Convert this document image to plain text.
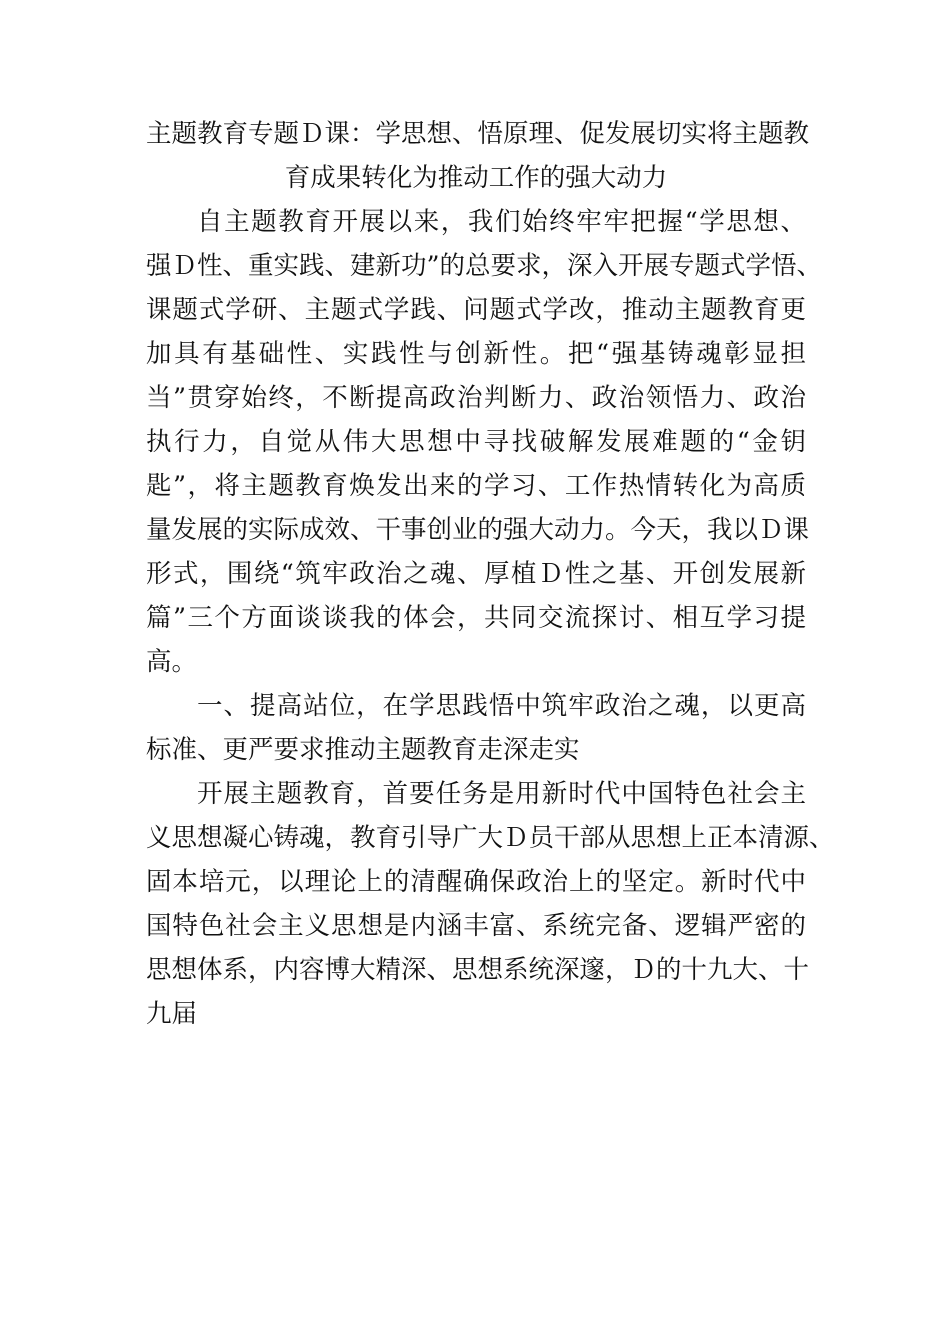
主题教育专题Ｄ课：学思想、悟原理、促发展切实将主题教
育成果转化为推动工作的强大动力
自主题教育开展以来，我们始终牢牢把握“学思想、
强Ｄ性、重实践、建新功”的总要求，深入开展专题式学悟、
课题式学研、主题式学践、问题式学改，推动主题教育更
加具有基础性、实践性与创新性。把“强基铸魂彰显担
当”贯穿始终，不断提高政治判断力、政治领悟力、政治
执行力，自觉从伟大思想中寻找破解发展难题的“金钥
匙”，将主题教育焕发出来的学习、工作热情转化为高质
量发展的实际成效、干事创业的强大动力。今天，我以Ｄ课
形式，围绕“筑牢政治之魂、厚植Ｄ性之基、开创发展新
篇”三个方面谈谈我的体会，共同交流探讨、相互学习提
高。
一、提高站位，在学思践悟中筑牢政治之魂，以更高
标准、更严要求推动主题教育走深走实
开展主题教育，首要任务是用新时代中国特色社会主
义思想凝心铸魂，教育引导广大Ｄ员干部从思想上正本清源、
固本培元，以理论上的清醒确保政治上的坚定。新时代中
国特色社会主义思想是内涵丰富、系统完备、逻辑严密的
思想体系，内容博大精深、思想系统深邃，Ｄ的十九大、十
九届
